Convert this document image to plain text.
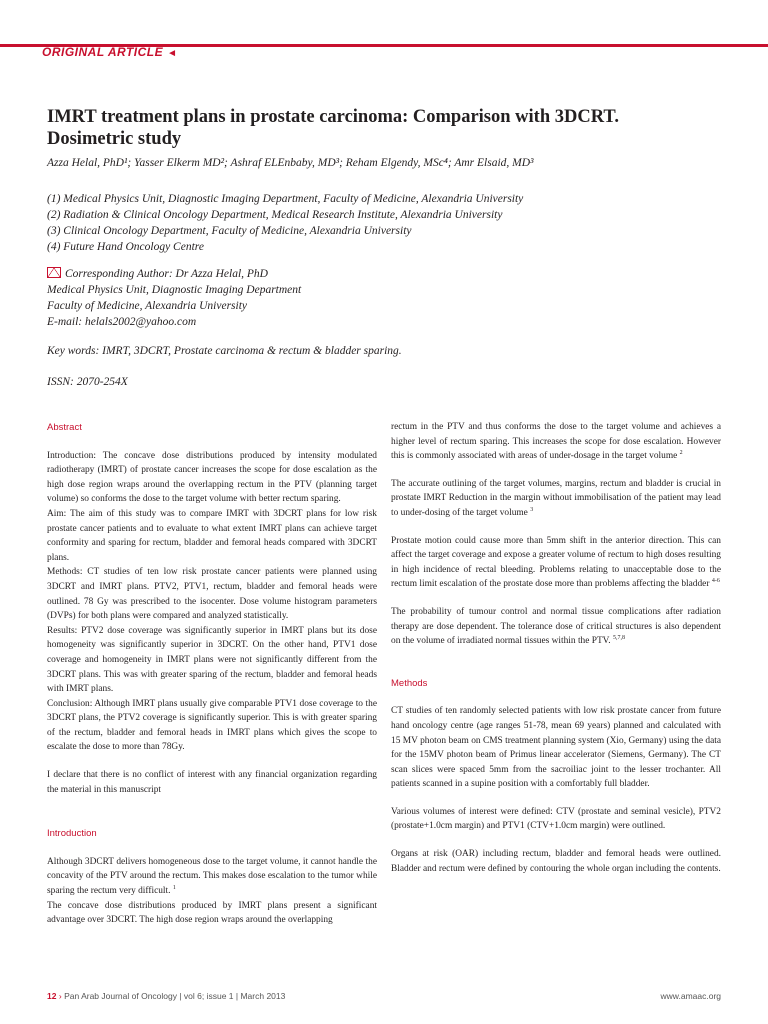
ORIGINAL ARTICLE ◄
IMRT treatment plans in prostate carcinoma: Comparison with 3DCRT. Dosimetric study
Azza Helal, PhD¹; Yasser Elkerm MD²; Ashraf ELEnbaby, MD³; Reham Elgendy, MSc⁴; Amr Elsaid, MD³
(1) Medical Physics Unit, Diagnostic Imaging Department, Faculty of Medicine, Alexandria University
(2) Radiation & Clinical Oncology Department, Medical Research Institute, Alexandria University
(3) Clinical Oncology Department, Faculty of Medicine, Alexandria University
(4) Future Hand Oncology Centre
Corresponding Author: Dr Azza Helal, PhD
Medical Physics Unit, Diagnostic Imaging Department
Faculty of Medicine, Alexandria University
E-mail: helals2002@yahoo.com
Key words: IMRT, 3DCRT, Prostate carcinoma & rectum & bladder sparing.
ISSN: 2070-254X

Abstract

Introduction: The concave dose distributions produced by intensity modulated radiotherapy (IMRT) of prostate cancer increases the scope for dose escalation as the high dose region wraps around the overlapping rectum in the PTV (planning target volume) so conforms the dose to the target volume with better rectum sparing.

Aim: The aim of this study was to compare IMRT with 3DCRT plans for low risk prostate cancer patients and to evaluate to what extent IMRT plans can achieve target conformity and sparing for rectum, bladder and femoral heads compared with 3DCRT plans.

Methods: CT studies of ten low risk prostate cancer patients were planned using 3DCRT and IMRT plans. PTV2, PTV1, rectum, bladder and femoral heads were outlined. 78 Gy was prescribed to the isocenter. Dose volume histogram parameters (DVPs) for both plans were compared and analyzed statistically.

Results: PTV2 dose coverage was significantly superior in IMRT plans but its dose homogeneity was significantly superior in 3DCRT. On the other hand, PTV1 dose coverage and homogeneity in IMRT plans were not significantly different from the 3DCRT plans. This was with greater sparing of the rectum, bladder and femoral heads with IMRT plans.

Conclusion: Although IMRT plans usually give comparable PTV1 dose coverage to the 3DCRT plans, the PTV2 coverage is significantly superior. This is with greater sparing of the rectum, bladder and femoral heads in IMRT plans which gives the scope to escalate the dose to more than 78Gy.

I declare that there is no conflict of interest with any financial organization regarding the material in this manuscript

Introduction

Although 3DCRT delivers homogeneous dose to the target volume, it cannot handle the concavity of the PTV around the rectum. This makes dose escalation to the tumor while sparing the rectum very difficult. $^1$

The concave dose distributions produced by IMRT plans present a significant advantage over 3DCRT. The high dose region wraps around the overlapping

rectum in the PTV and thus conforms the dose to the target volume and achieves a higher level of rectum sparing. This increases the scope for dose escalation. However this is commonly associated with areas of under-dosage in the target volume $^2$

The accurate outlining of the target volumes, margins, rectum and bladder is crucial in prostate IMRT Reduction in the margin without immobilisation of the patient may lead to under-dosing of the target volume $^3$

Prostate motion could cause more than 5mm shift in the anterior direction. This can affect the target coverage and expose a greater volume of rectum to high doses resulting in high incidence of rectal bleeding. Problems relating to unacceptable dose to the rectum limit escalation of the prostate dose more than problems affecting the bladder $^{4-6}$

The probability of tumour control and normal tissue complications after radiation therapy are dose dependent. The tolerance dose of critical structures is also dependent on the volume of irradiated normal tissues within the PTV. $^{5,7,8}$

Methods

CT studies of ten randomly selected patients with low risk prostate cancer from future hand oncology centre (age ranges 51-78, mean 69 years) planned and calculated with 15 MV photon beam on CMS treatment planning system (Xio, Germany) using the data for the 15MV photon beam of Primus linear accelerator (Siemens, Germany). The CT scan slices were spaced 5mm from the sacroiliac joint to the lesser trochanter. All patients scanned in a supine position with a comfortably full bladder.

Various volumes of interest were defined: CTV (prostate and seminal vesicle), PTV2 (prostate+1.0cm margin) and PTV1 (CTV+1.0cm margin) were outlined.

Organs at risk (OAR) including rectum, bladder and femoral heads were outlined. Bladder and rectum were defined by contouring the whole organ including the contents.

12 › Pan Arab Journal of Oncology | vol 6; issue 1 | March 2013	www.amaac.org
